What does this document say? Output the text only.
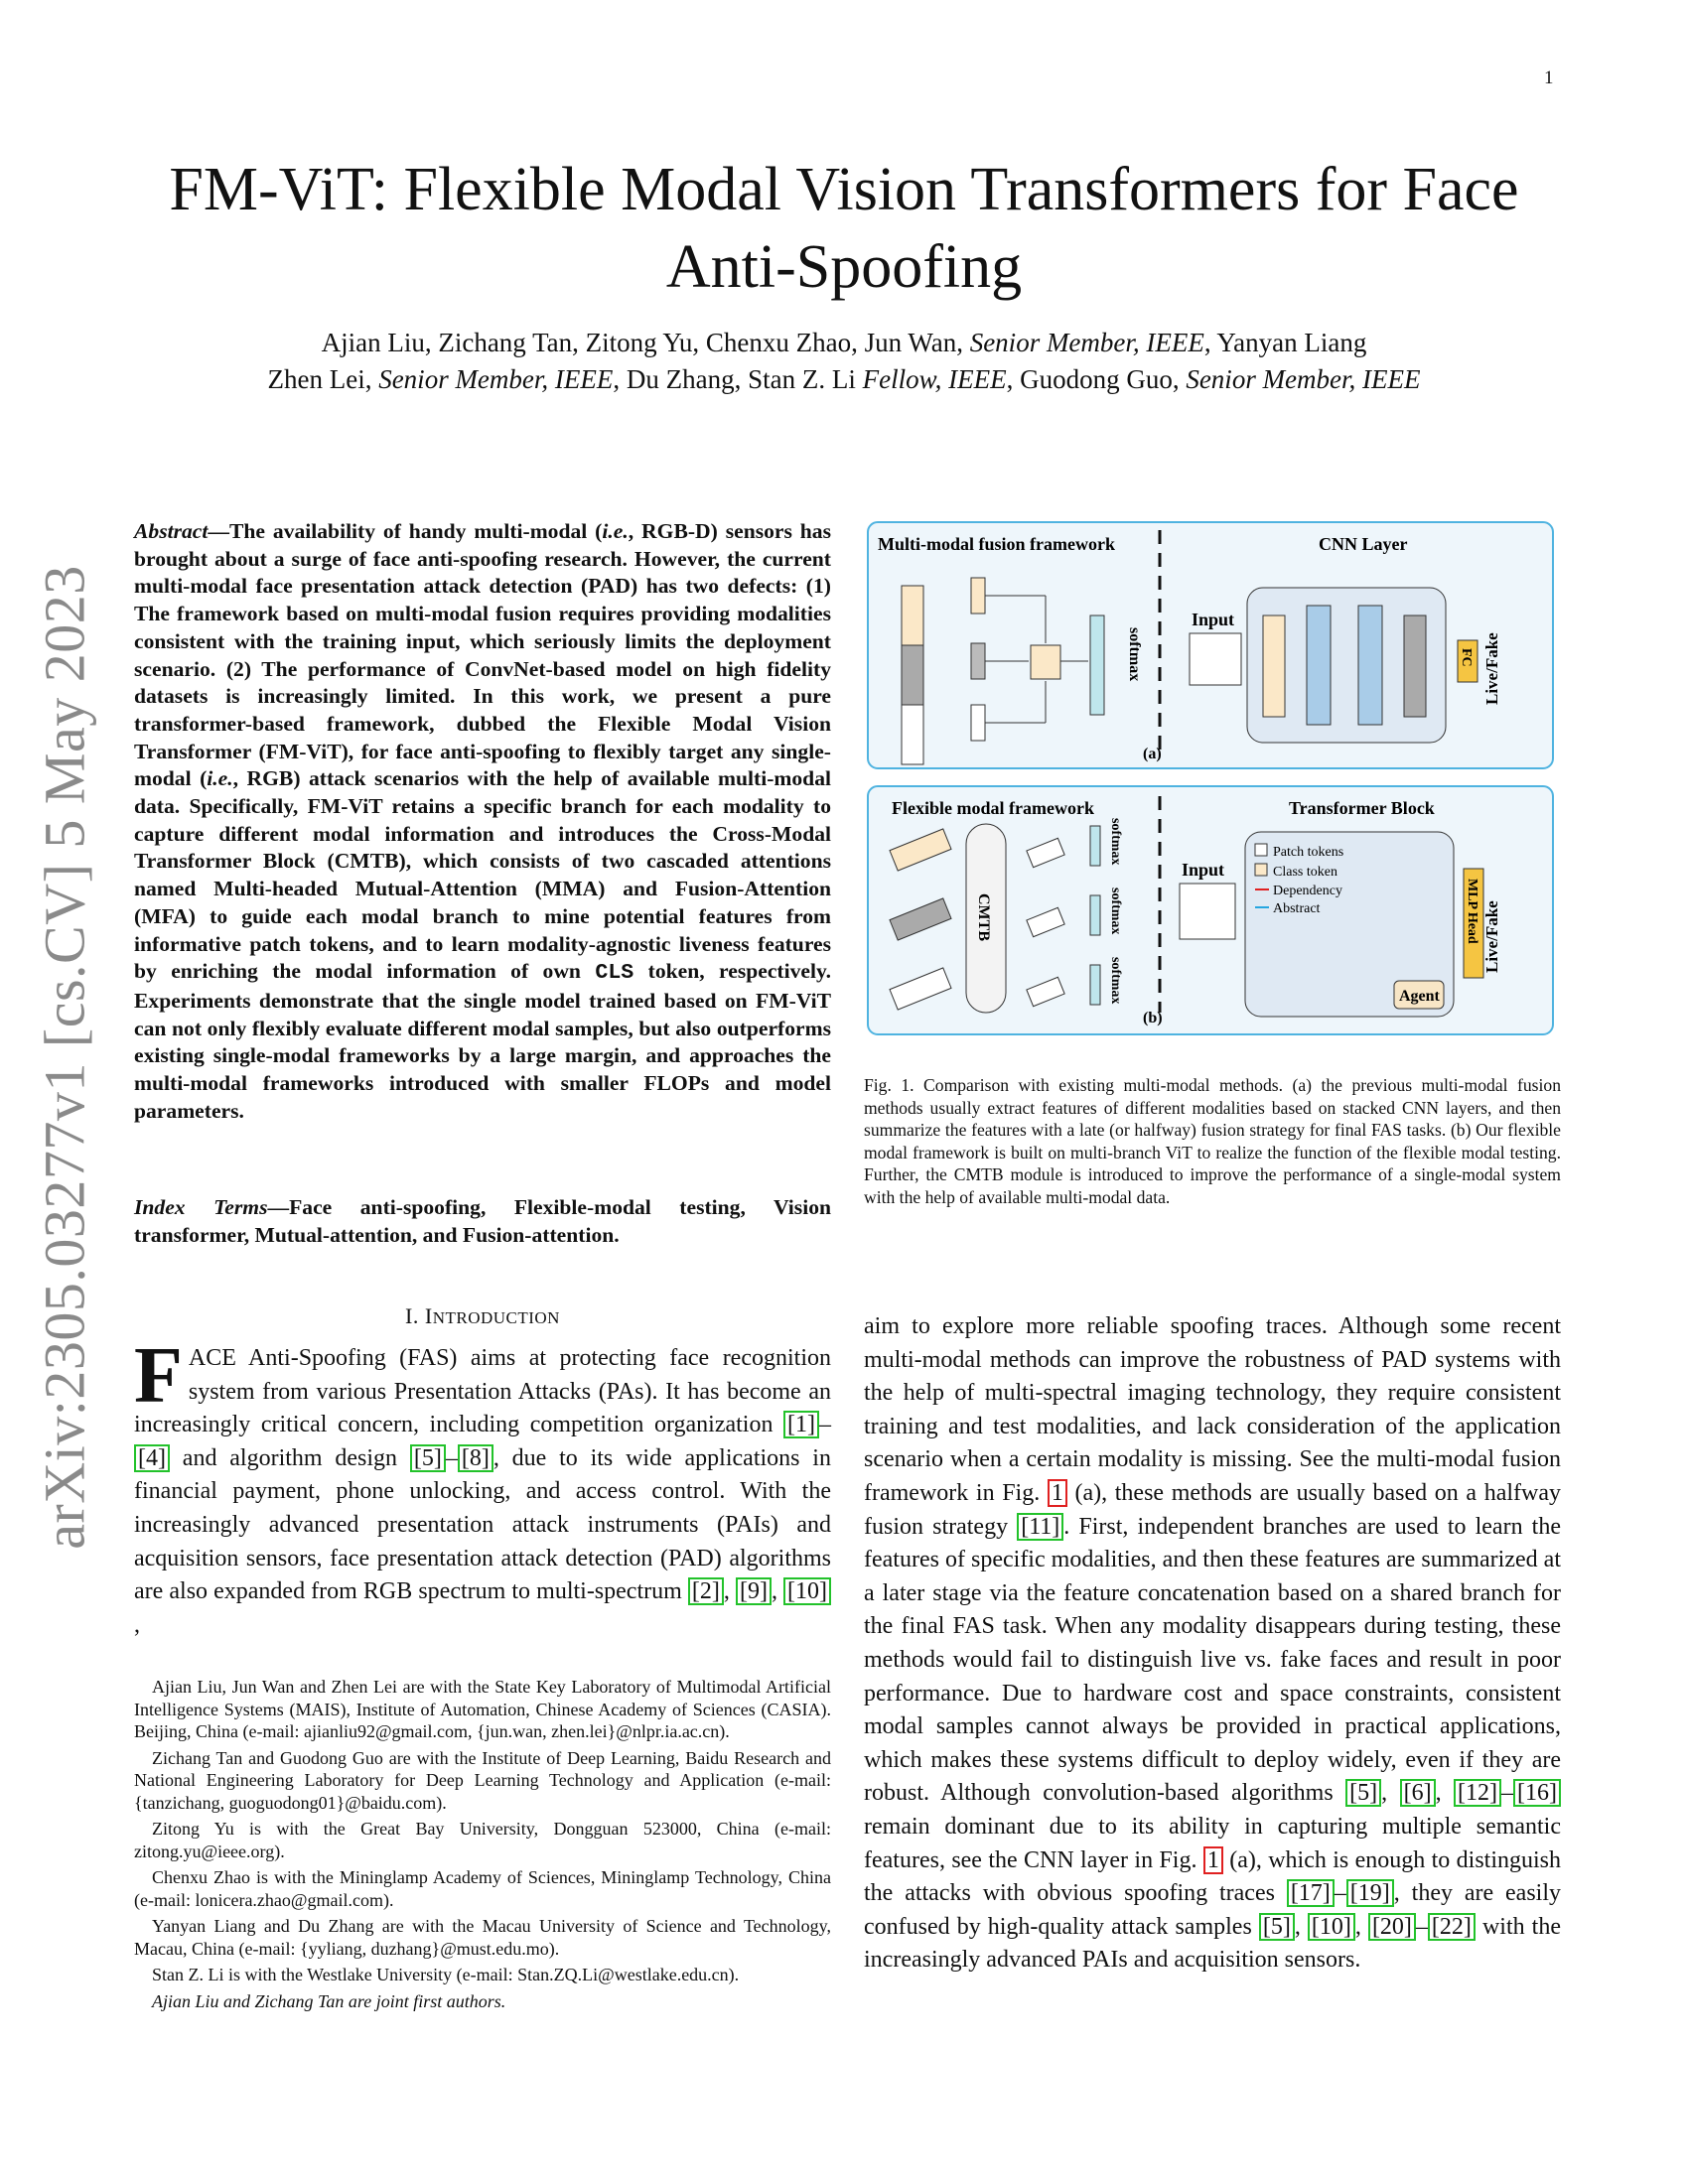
1
arXiv:2305.03277v1 [cs.CV] 5 May 2023
FM-ViT: Flexible Modal Vision Transformers for Face Anti-Spoofing
Ajian Liu, Zichang Tan, Zitong Yu, Chenxu Zhao, Jun Wan, Senior Member, IEEE, Yanyan Liang
Zhen Lei, Senior Member, IEEE, Du Zhang, Stan Z. Li Fellow, IEEE, Guodong Guo, Senior Member, IEEE
Abstract—The availability of handy multi-modal (i.e., RGB-D) sensors has brought about a surge of face anti-spoofing research. However, the current multi-modal face presentation attack detection (PAD) has two defects: (1) The framework based on multi-modal fusion requires providing modalities consistent with the training input, which seriously limits the deployment scenario. (2) The performance of ConvNet-based model on high fidelity datasets is increasingly limited. In this work, we present a pure transformer-based framework, dubbed the Flexible Modal Vision Transformer (FM-ViT), for face anti-spoofing to flexibly target any single-modal (i.e., RGB) attack scenarios with the help of available multi-modal data. Specifically, FM-ViT retains a specific branch for each modality to capture different modal information and introduces the Cross-Modal Transformer Block (CMTB), which consists of two cascaded attentions named Multi-headed Mutual-Attention (MMA) and Fusion-Attention (MFA) to guide each modal branch to mine potential features from informative patch tokens, and to learn modality-agnostic liveness features by enriching the modal information of own CLS token, respectively. Experiments demonstrate that the single model trained based on FM-ViT can not only flexibly evaluate different modal samples, but also outperforms existing single-modal frameworks by a large margin, and approaches the multi-modal frameworks introduced with smaller FLOPs and model parameters.
Index Terms—Face anti-spoofing, Flexible-modal testing, Vision transformer, Mutual-attention, and Fusion-attention.
I. INTRODUCTION
FACE Anti-Spoofing (FAS) aims at protecting face recognition system from various Presentation Attacks (PAs). It has become an increasingly critical concern, including competition organization [1] –[4] and algorithm design [5] – [8] , due to its wide applications in financial payment, phone unlocking, and access control. With the increasingly advanced presentation attack instruments (PAIs) and acquisition sensors, face presentation attack detection (PAD) algorithms are also expanded from RGB spectrum to multi-spectrum [2] , [9] , [10],

Ajian Liu, Jun Wan and Zhen Lei are with the State Key Laboratory of Multimodal Artificial Intelligence Systems (MAIS), Institute of Automation, Chinese Academy of Sciences (CASIA). Beijing, China (e-mail: ajianliu92@gmail.com, {jun.wan, zhen.lei}@nlpr.ia.ac.cn).

Zichang Tan and Guodong Guo are with the Institute of Deep Learning, Baidu Research and National Engineering Laboratory for Deep Learning Technology and Application (e-mail: {tanzichang, guoguodong01}@baidu.com).

Zitong Yu is with the Great Bay University, Dongguan 523000, China (e-mail: zitong.yu@ieee.org).

Chenxu Zhao is with the Mininglamp Academy of Sciences, Mininglamp Technology, China (e-mail: lonicera.zhao@gmail.com).

Yanyan Liang and Du Zhang are with the Macau University of Science and Technology, Macau, China (e-mail: {yyliang, duzhang}@must.edu.mo).

Stan Z. Li is with the Westlake University (e-mail: Stan.ZQ.Li@westlake.edu.cn).

Ajian Liu and Zichang Tan are joint first authors.

Multi-modal fusion framework	CNN Layer
softmax
(a)
Input
FC Live/Fake
Flexible modal framework	Transformer Block
CMTB
softmax
softmax
softmax
(b)
Input
Patch tokens
Class token
Dependency
Abstract
Agent
MLP Head Live/Fake
Fig. 1. Comparison with existing multi-modal methods. (a) the previous multi-modal fusion methods usually extract features of different modalities based on stacked CNN layers, and then summarize the features with a late (or halfway) fusion strategy for final FAS tasks. (b) Our flexible modal framework is built on multi-branch ViT to realize the function of the flexible modal testing. Further, the CMTB module is introduced to improve the performance of a single-modal system with the help of available multi-modal data.
aim to explore more reliable spoofing traces. Although some recent multi-modal methods can improve the robustness of PAD systems with the help of multi-spectral imaging technology, they require consistent training and test modalities, and lack consideration of the application scenario when a certain modality is missing. See the multi-modal fusion framework in Fig. 1 (a), these methods are usually based on a halfway fusion strategy [11] . First, independent branches are used to learn the features of specific modalities, and then these features are summarized at a later stage via the feature concatenation based on a shared branch for the final FAS task. When any modality disappears during testing, these methods would fail to distinguish live vs. fake faces and result in poor performance. Due to hardware cost and space constraints, consistent modal samples cannot always be provided in practical applications, which makes these systems difficult to deploy widely, even if they are robust. Although convolution-based algorithms [5] , [6] , [12] – [16] remain dominant due to its ability in capturing multiple semantic features, see the CNN layer in Fig. 1 (a), which is enough to distinguish the attacks with obvious spoofing traces [17] – [19] , they are easily confused by high-quality attack samples [5] , [10] , [20] – [22] with the increasingly advanced PAIs and acquisition sensors.
